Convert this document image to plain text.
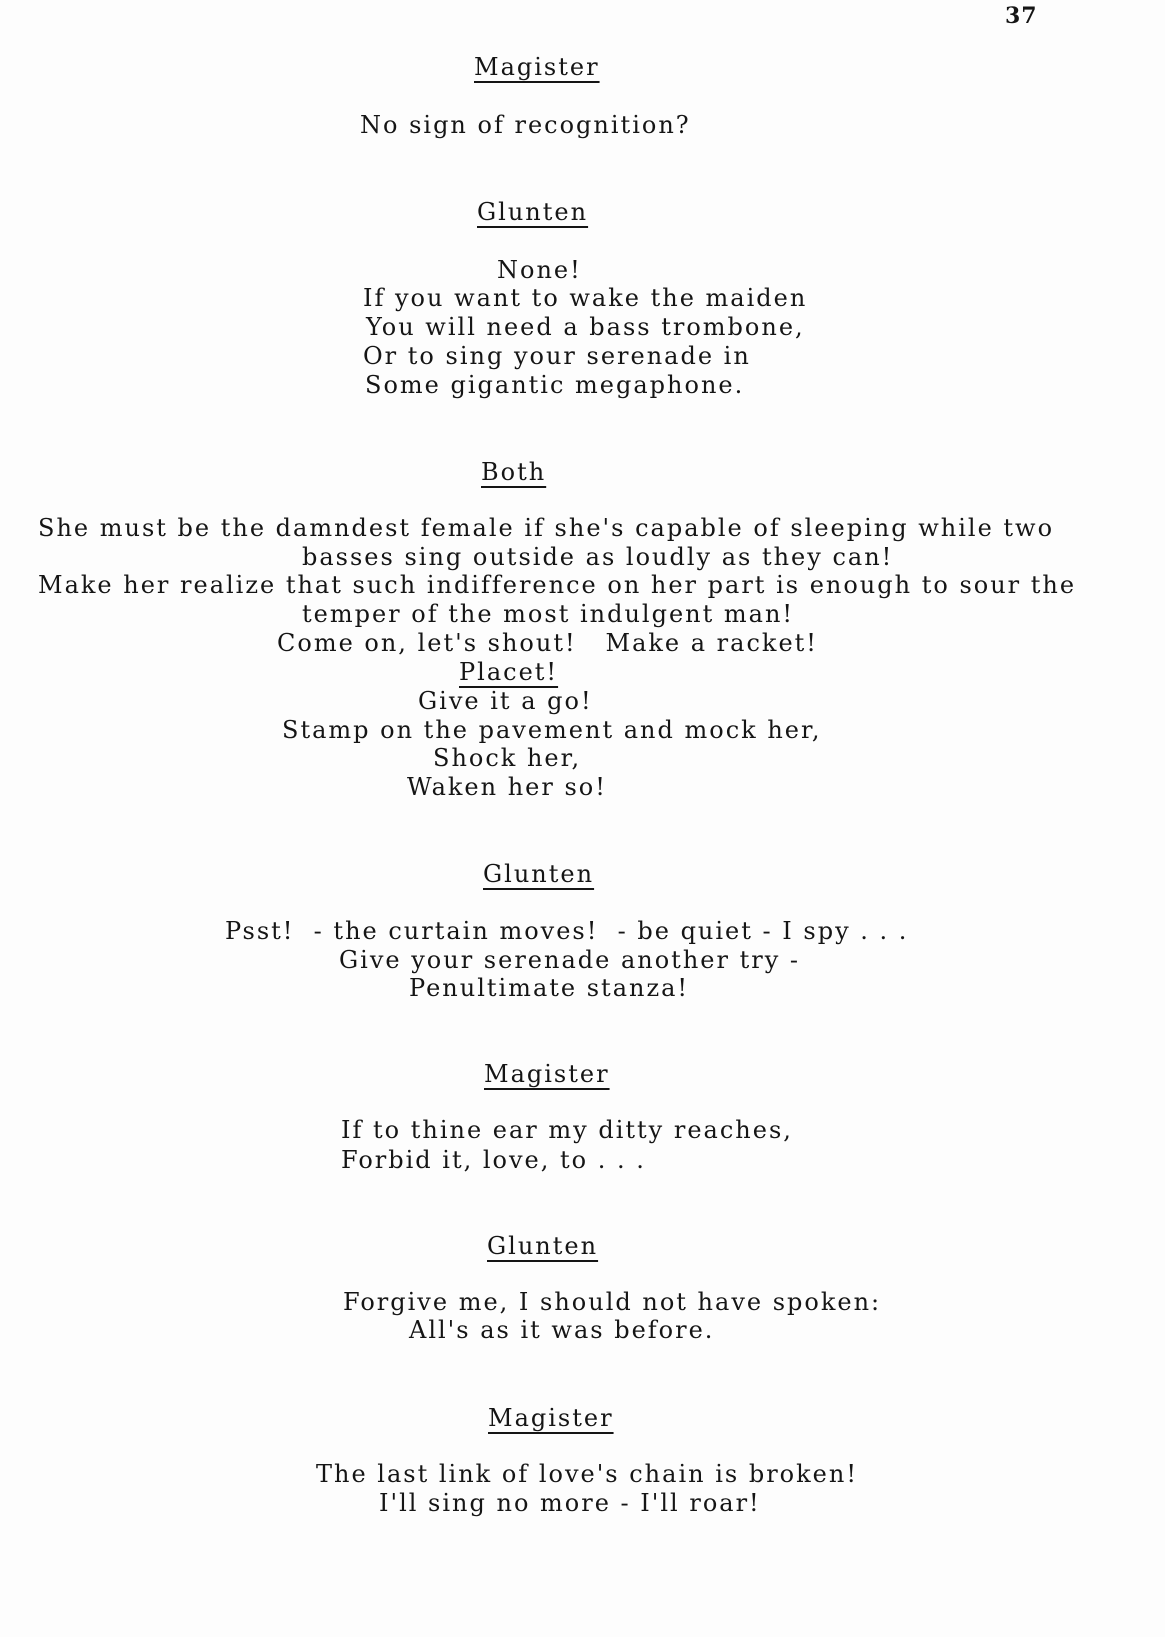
37
Magister
No sign of recognition?
Glunten
None!
If you want to wake the maiden
You will need a bass trombone,
Or to sing your serenade in
Some gigantic megaphone.
Both
She must be the damndest female if she's capable of sleeping while two
basses sing outside as loudly as they can!
Make her realize that such indifference on her part is enough to sour the
temper of the most indulgent man!
Come on, let's shout!   Make a racket!
Placet!
Give it a go!
Stamp on the pavement and mock her,
Shock her,
Waken her so!
Glunten
Psst!  - the curtain moves!  - be quiet - I spy . . .
Give your serenade another try -
Penultimate stanza!
Magister
If to thine ear my ditty reaches,
Forbid it, love, to . . .
Glunten
Forgive me, I should not have spoken:
All's as it was before.
Magister
The last link of love's chain is broken!
I'll sing no more - I'll roar!
